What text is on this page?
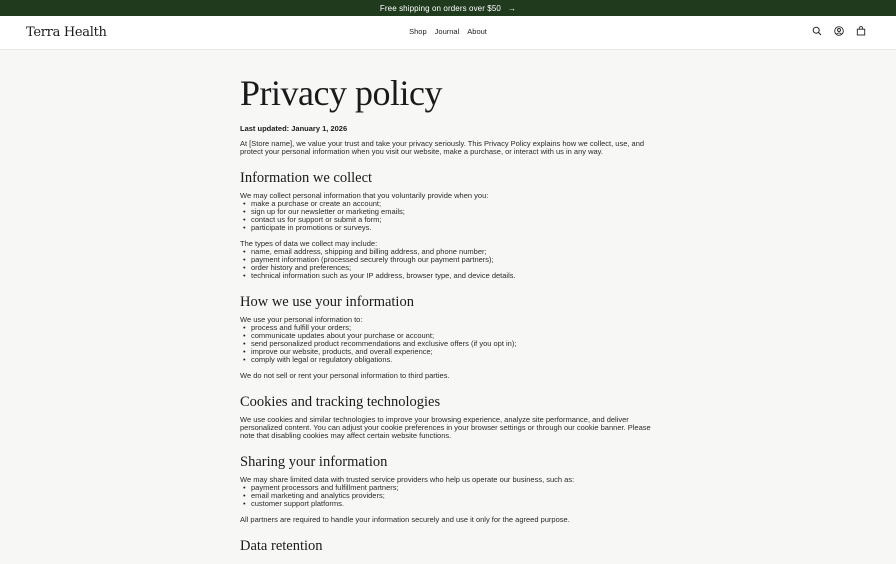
Free shipping on orders over $50 →
Terra Health	Shop Journal About
Privacy policy
Last updated: January 1, 2026

At [Store name], we value your trust and take your privacy seriously. This Privacy Policy explains how we collect, use, and protect your personal information when you visit our website, make a purchase, or interact with us in any way.

Information we collect

We may collect personal information that you voluntarily provide when you:

• make a purchase or create an account;
• sign up for our newsletter or marketing emails;
• contact us for support or submit a form;
• participate in promotions or surveys.

The types of data we collect may include:

• name, email address, shipping and billing address, and phone number;
• payment information (processed securely through our payment partners);
• order history and preferences;
• technical information such as your IP address, browser type, and device details.
How we use your information

We use your personal information to:

• process and fulfill your orders;
• communicate updates about your purchase or account;
• send personalized product recommendations and exclusive offers (if you opt in);
• improve our website, products, and overall experience;
• comply with legal or regulatory obligations.

We do not sell or rent your personal information to third parties.

Cookies and tracking technologies

We use cookies and similar technologies to improve your browsing experience, analyze site performance, and deliver personalized content. You can adjust your cookie preferences in your browser settings or through our cookie banner. Please note that disabling cookies may affect certain website functions.

Sharing your information

We may share limited data with trusted service providers who help us operate our business, such as:

• payment processors and fulfillment partners;
• email marketing and analytics providers;
• customer support platforms.

All partners are required to handle your information securely and use it only for the agreed purpose.

Data retention
